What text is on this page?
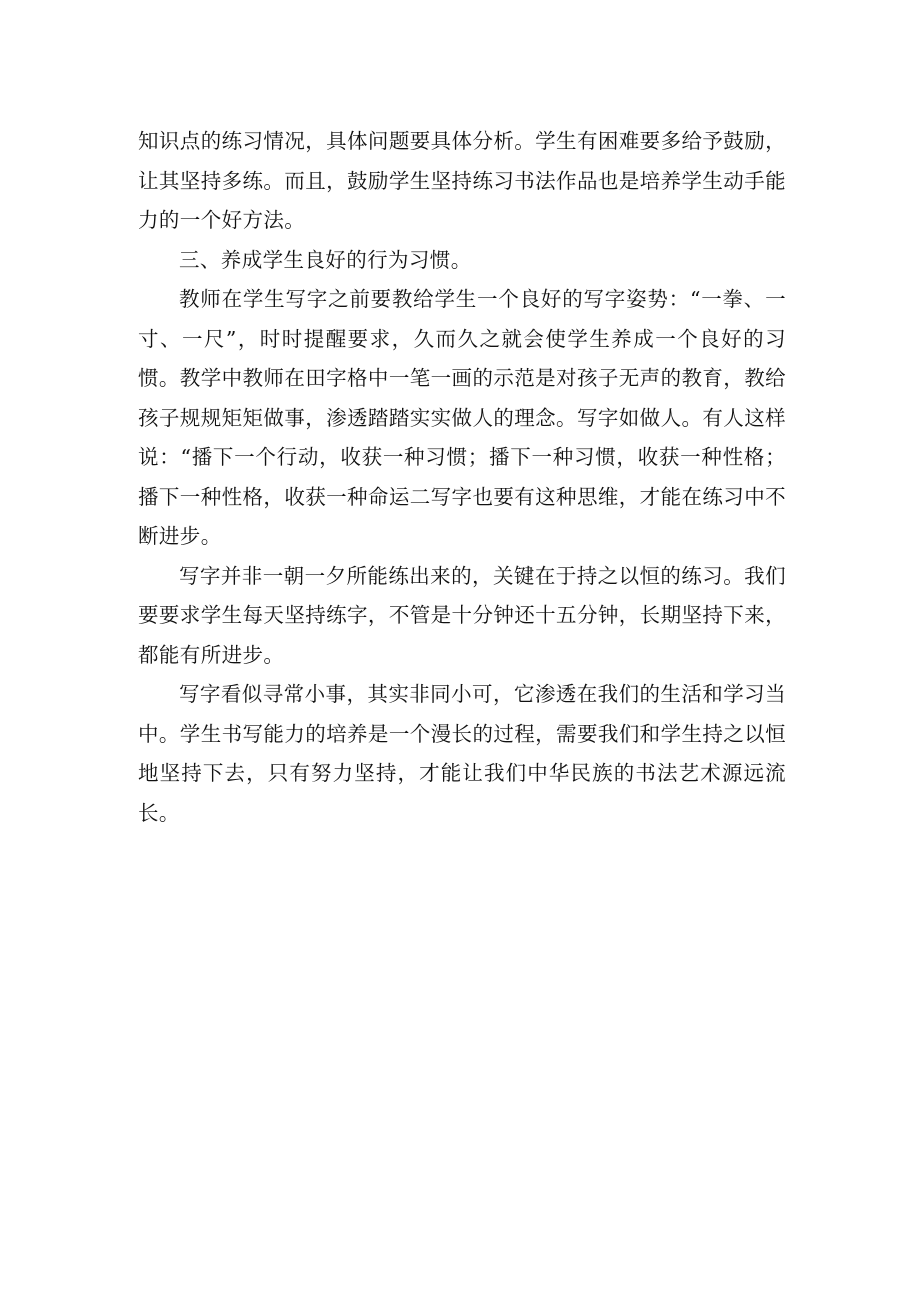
知识点的练习情况，具体问题要具体分析。学生有困难要多给予鼓励，让其坚持多练。而且，鼓励学生坚持练习书法作品也是培养学生动手能力的一个好方法。

三、养成学生良好的行为习惯。

教师在学生写字之前要教给学生一个良好的写字姿势：“一拳、一寸、一尺”，时时提醒要求，久而久之就会使学生养成一个良好的习惯。教学中教师在田字格中一笔一画的示范是对孩子无声的教育，教给孩子规规矩矩做事，渗透踏踏实实做人的理念。写字如做人。有人这样说：“播下一个行动，收获一种习惯；播下一种习惯，收获一种性格；播下一种性格，收获一种命运二写字也要有这种思维，才能在练习中不断进步。

写字并非一朝一夕所能练出来的，关键在于持之以恒的练习。我们要要求学生每天坚持练字，不管是十分钟还十五分钟，长期坚持下来，都能有所进步。

写字看似寻常小事，其实非同小可，它渗透在我们的生活和学习当中。学生书写能力的培养是一个漫长的过程，需要我们和学生持之以恒地坚持下去，只有努力坚持，才能让我们中华民族的书法艺术源远流长。
